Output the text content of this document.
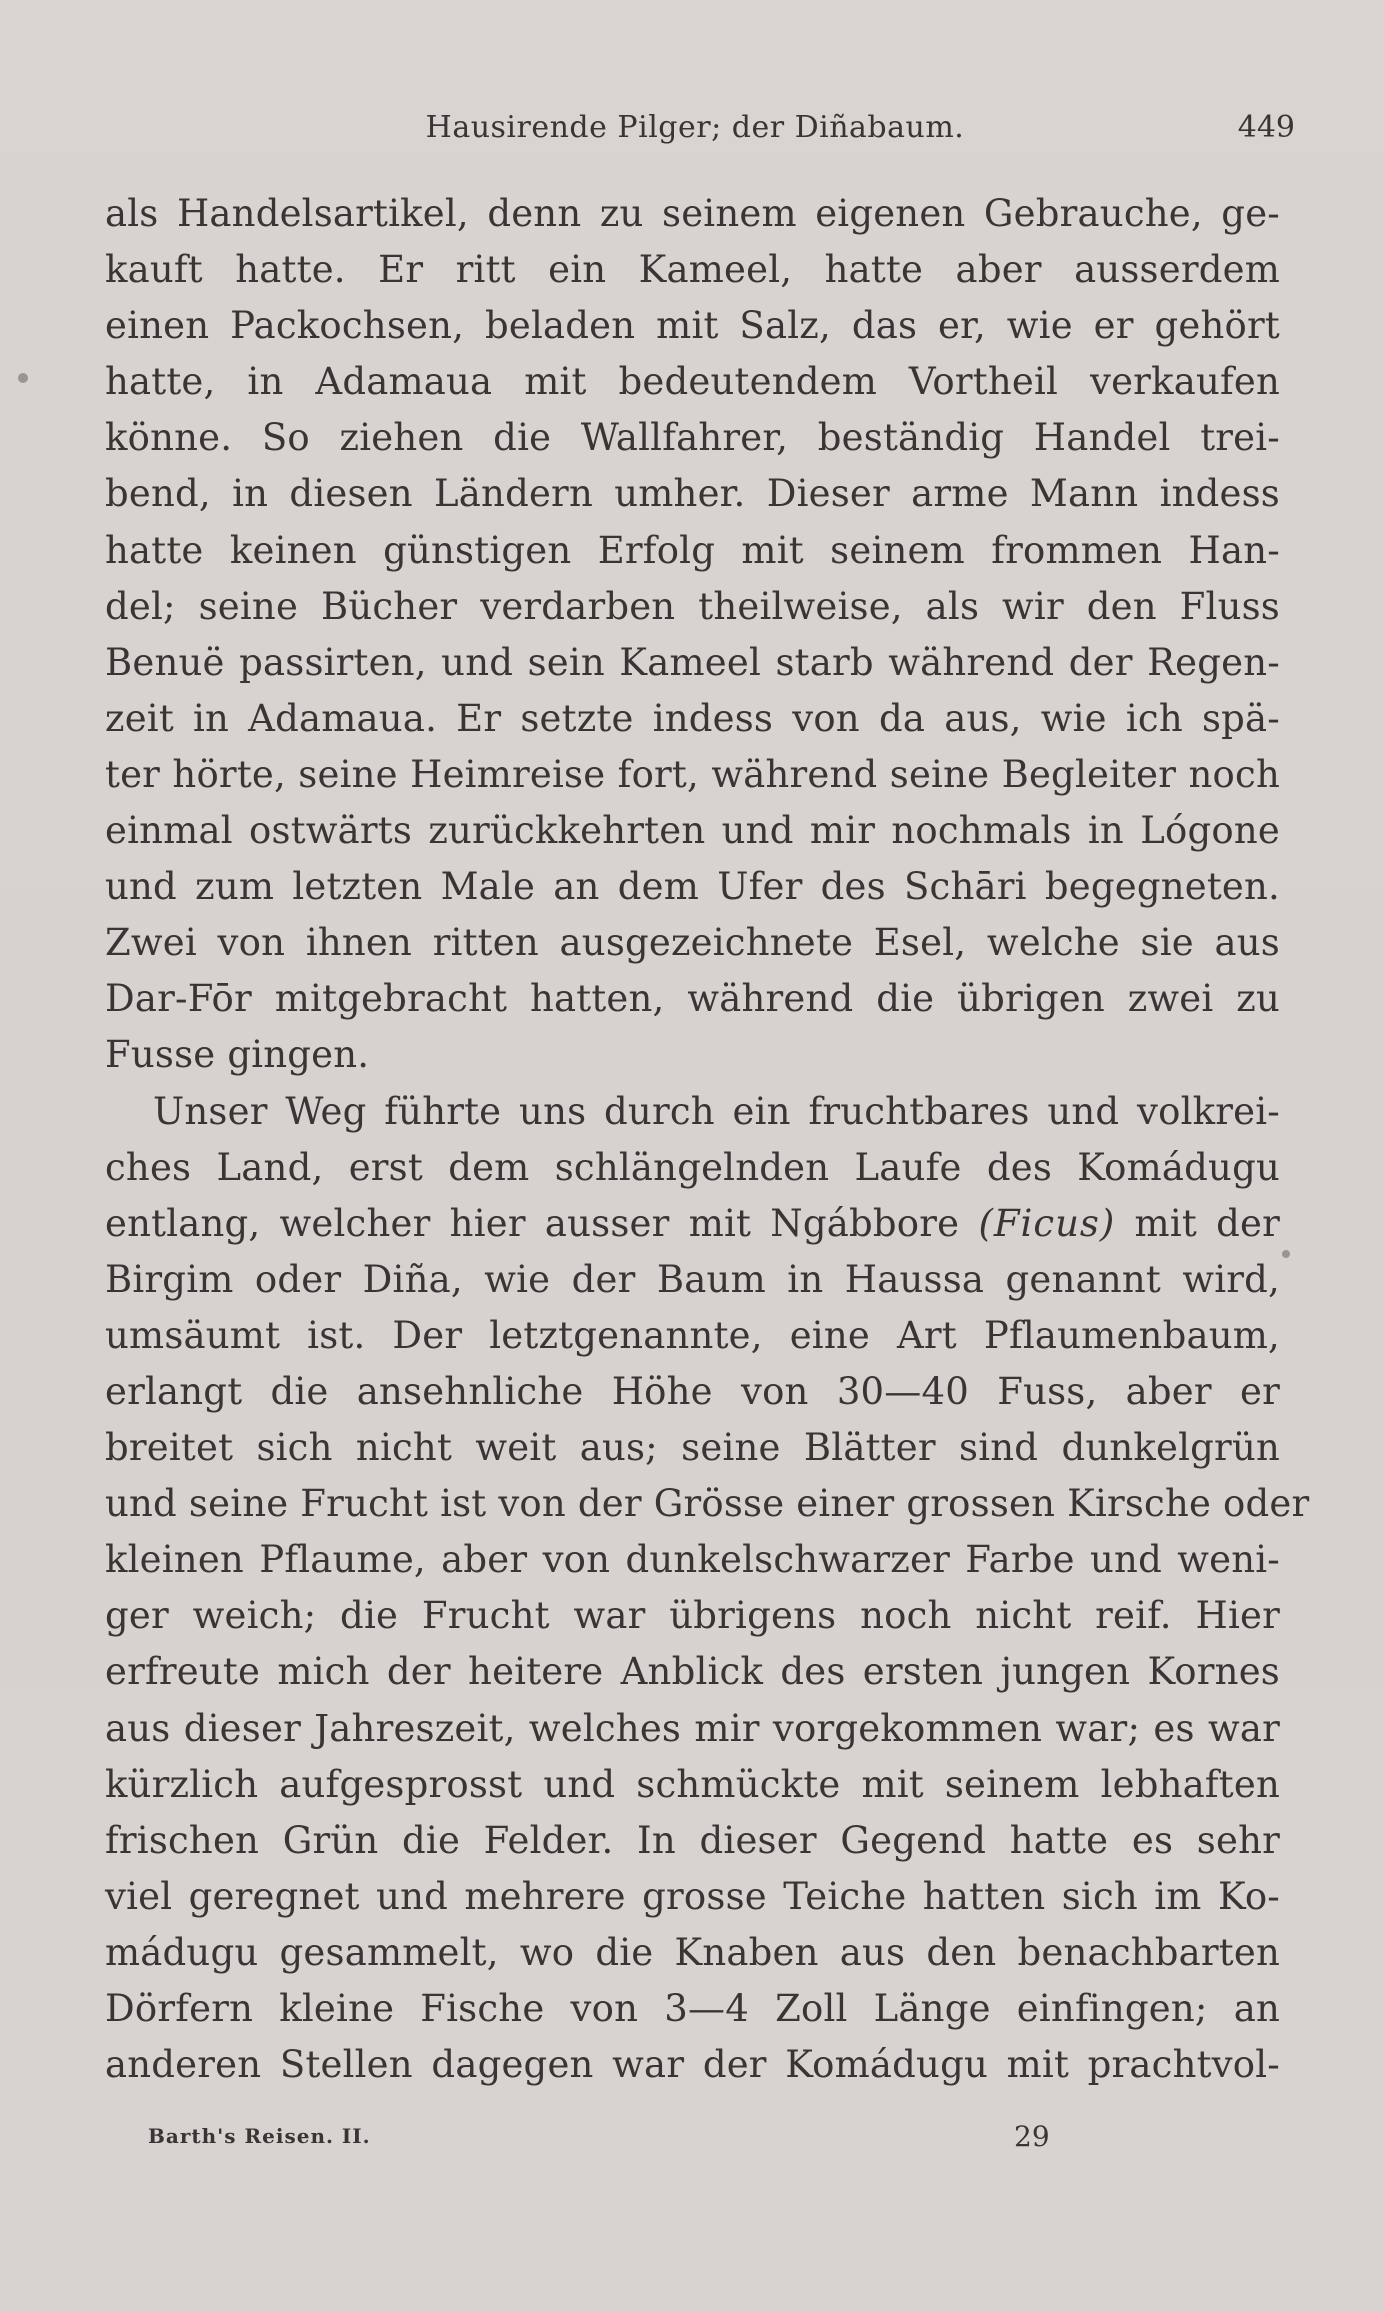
Hausirende Pilger; der Diñabaum.	449
als Handelsartikel, denn zu seinem eigenen Gebrauche, ge-
kauft hatte. Er ritt ein Kameel, hatte aber ausserdem
einen Packochsen, beladen mit Salz, das er, wie er gehört
hatte, in Adamaua mit bedeutendem Vortheil verkaufen
könne. So ziehen die Wallfahrer, beständig Handel trei-
bend, in diesen Ländern umher. Dieser arme Mann indess
hatte keinen günstigen Erfolg mit seinem frommen Han-
del; seine Bücher verdarben theilweise, als wir den Fluss
Benuë passirten, und sein Kameel starb während der Regen-
zeit in Adamaua. Er setzte indess von da aus, wie ich spä-
ter hörte, seine Heimreise fort, während seine Begleiter noch
einmal ostwärts zurückkehrten und mir nochmals in Lógone
und zum letzten Male an dem Ufer des Schāri begegneten.
Zwei von ihnen ritten ausgezeichnete Esel, welche sie aus
Dar-Fōr mitgebracht hatten, während die übrigen zwei zu
Fusse gingen.
Unser Weg führte uns durch ein fruchtbares und volkrei-
ches Land, erst dem schlängelnden Laufe des Komádugu
entlang, welcher hier ausser mit Ngábbore (Ficus) mit der
Birgim oder Diña, wie der Baum in Haussa genannt wird,
umsäumt ist. Der letztgenannte, eine Art Pflaumenbaum,
erlangt die ansehnliche Höhe von 30—40 Fuss, aber er
breitet sich nicht weit aus; seine Blätter sind dunkelgrün
und seine Frucht ist von der Grösse einer grossen Kirsche oder
kleinen Pflaume, aber von dunkelschwarzer Farbe und weni-
ger weich; die Frucht war übrigens noch nicht reif. Hier
erfreute mich der heitere Anblick des ersten jungen Kornes
aus dieser Jahreszeit, welches mir vorgekommen war; es war
kürzlich aufgesprosst und schmückte mit seinem lebhaften
frischen Grün die Felder. In dieser Gegend hatte es sehr
viel geregnet und mehrere grosse Teiche hatten sich im Ko-
mádugu gesammelt, wo die Knaben aus den benachbarten
Dörfern kleine Fische von 3—4 Zoll Länge einfingen; an
anderen Stellen dagegen war der Komádugu mit prachtvol-
Barth's Reisen. II.	29
